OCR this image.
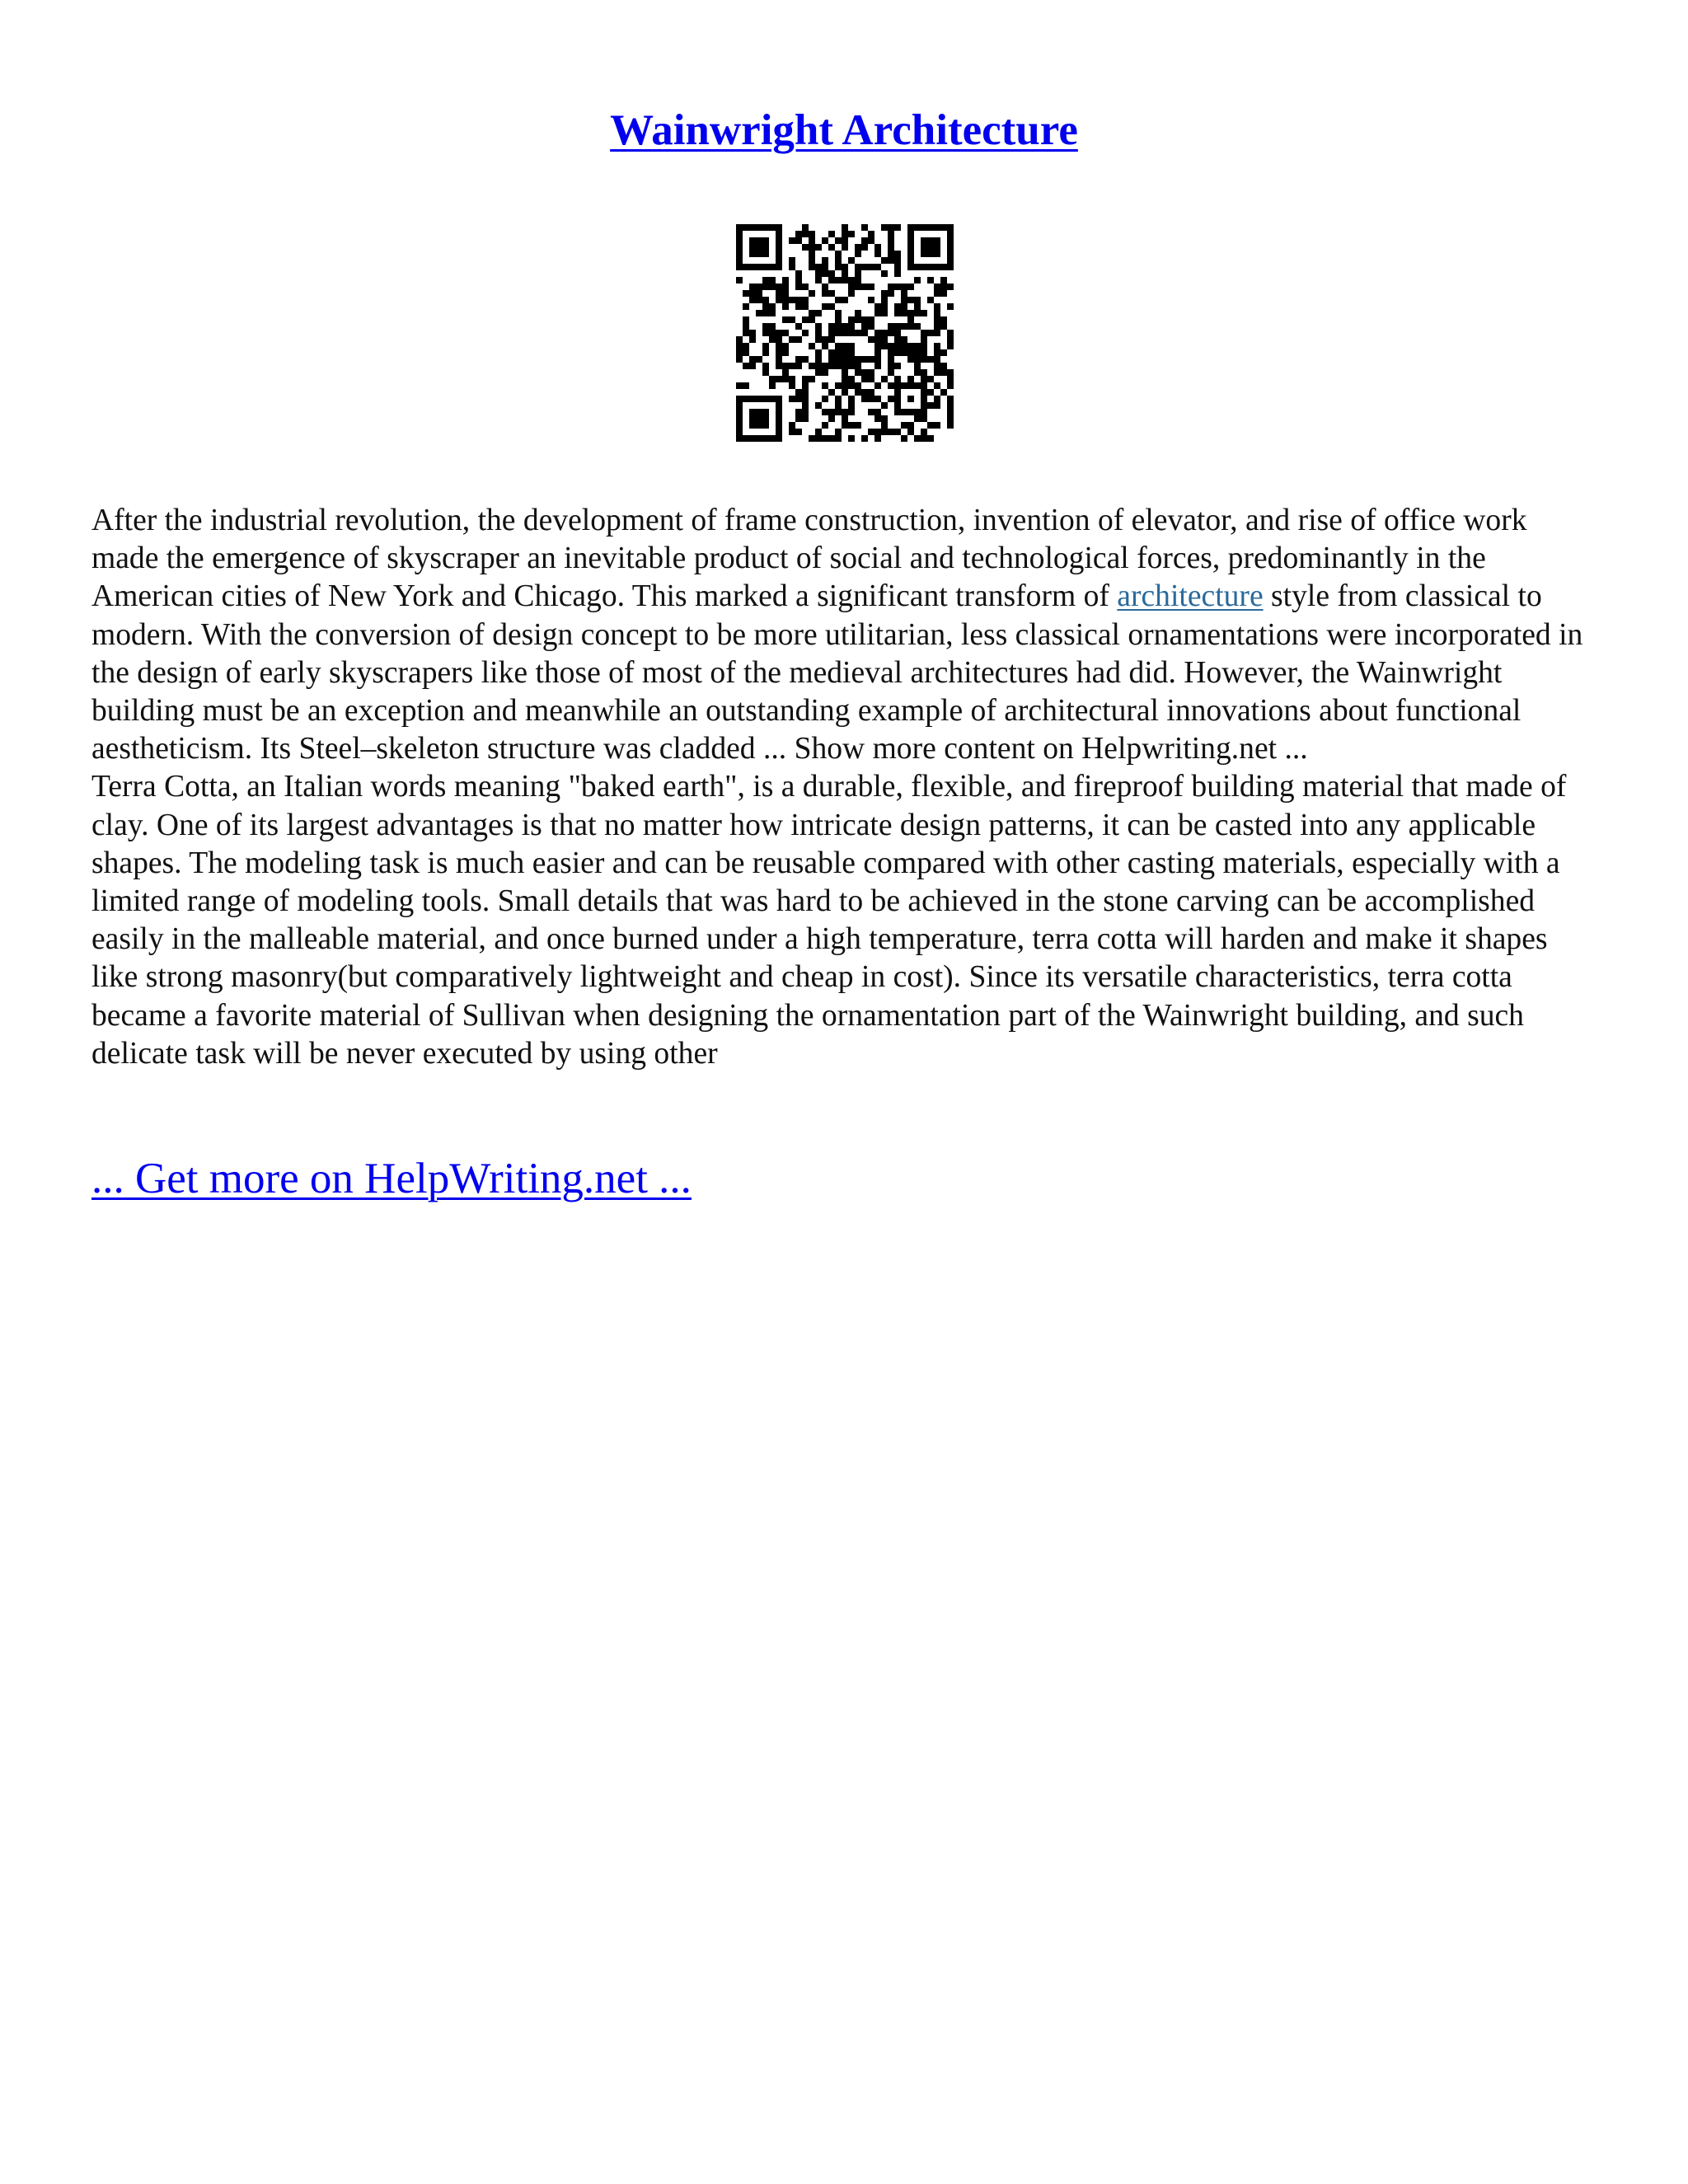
Wainwright Architecture

After the industrial revolution, the development of frame construction, invention of elevator, and rise of office work made the emergence of skyscraper an inevitable product of social and technological forces, predominantly in the American cities of New York and Chicago. This marked a significant transform of architecture style from classical to modern. With the conversion of design concept to be more utilitarian, less classical ornamentations were incorporated in the design of early skyscrapers like those of most of the medieval architectures had did. However, the Wainwright building must be an exception and meanwhile an outstanding example of architectural innovations about functional aestheticism. Its Steel–skeleton structure was cladded ... Show more content on Helpwriting.net ...

Terra Cotta, an Italian words meaning "baked earth", is a durable, flexible, and fireproof building material that made of clay. One of its largest advantages is that no matter how intricate design patterns, it can be casted into any applicable shapes. The modeling task is much easier and can be reusable compared with other casting materials, especially with a limited range of modeling tools. Small details that was hard to be achieved in the stone carving can be accomplished easily in the malleable material, and once burned under a high temperature, terra cotta will harden and make it shapes like strong masonry(but comparatively lightweight and cheap in cost). Since its versatile characteristics, terra cotta became a favorite material of Sullivan when designing the ornamentation part of the Wainwright building, and such delicate task will be never executed by using other

... Get more on HelpWriting.net ...
